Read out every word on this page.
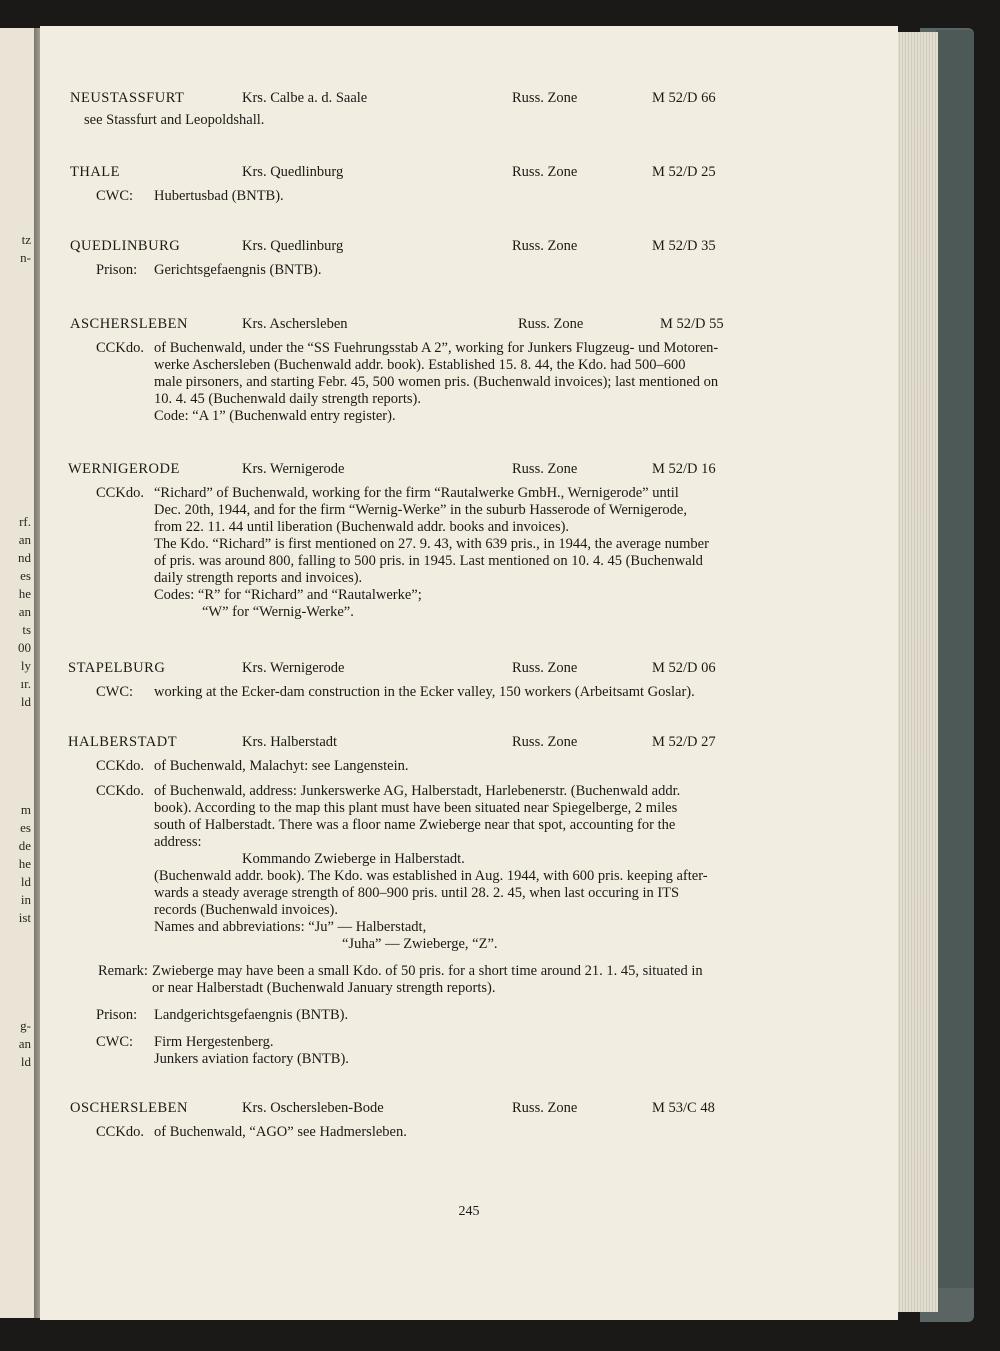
tz
n-
rf.
an
nd
es
he
an
ts
00
ly
ır.
ld
m
es
de
he
ld
in
ist
g-
an
ld
NEUSTASSFURT	Krs. Calbe a. d. Saale	Russ. Zone	M 52/D 66
see Stassfurt and Leopoldshall.
THALE	Krs. Quedlinburg	Russ. Zone	M 52/D 25
CWC: Hubertusbad (BNTB).
QUEDLINBURG	Krs. Quedlinburg	Russ. Zone	M 52/D 35
Prison: Gerichtsgefaengnis (BNTB).
ASCHERSLEBEN	Krs. Aschersleben	Russ. Zone	M 52/D 55
CCKdo. of Buchenwald, under the “SS Fuehrungsstab A 2”, working for Junkers Flugzeug- und Motoren-
werke Aschersleben (Buchenwald addr. book). Established 15. 8. 44, the Kdo. had 500–600
male pirsoners, and starting Febr. 45, 500 women pris. (Buchenwald invoices); last mentioned on
10. 4. 45 (Buchenwald daily strength reports).
Code: “A 1” (Buchenwald entry register).
WERNIGERODE	Krs. Wernigerode	Russ. Zone	M 52/D 16
CCKdo. “Richard” of Buchenwald, working for the firm “Rautalwerke GmbH., Wernigerode” until
Dec. 20th, 1944, and for the firm “Wernig-Werke” in the suburb Hasserode of Wernigerode,
from 22. 11. 44 until liberation (Buchenwald addr. books and invoices).
The Kdo. “Richard” is first mentioned on 27. 9. 43, with 639 pris., in 1944, the average number
of pris. was around 800, falling to 500 pris. in 1945. Last mentioned on 10. 4. 45 (Buchenwald
daily strength reports and invoices).
Codes: “R” for “Richard” and “Rautalwerke”;
“W” for “Wernig-Werke”.
STAPELBURG	Krs. Wernigerode	Russ. Zone	M 52/D 06
CWC: working at the Ecker-dam construction in the Ecker valley, 150 workers (Arbeitsamt Goslar).
HALBERSTADT	Krs. Halberstadt	Russ. Zone	M 52/D 27
CCKdo. of Buchenwald, Malachyt: see Langenstein.
CCKdo. of Buchenwald, address: Junkerswerke AG, Halberstadt, Harlebenerstr. (Buchenwald addr.
book). According to the map this plant must have been situated near Spiegelberge, 2 miles
south of Halberstadt. There was a floor name Zwieberge near that spot, accounting for the
address:
Kommando Zwieberge in Halberstadt.
(Buchenwald addr. book). The Kdo. was established in Aug. 1944, with 600 pris. keeping after-
wards a steady average strength of 800–900 pris. until 28. 2. 45, when last occuring in ITS
records (Buchenwald invoices).
Names and abbreviations: “Ju” — Halberstadt,
“Juha” — Zwieberge, “Z”.
Remark: Zwieberge may have been a small Kdo. of 50 pris. for a short time around 21. 1. 45, situated in
or near Halberstadt (Buchenwald January strength reports).
Prison: Landgerichtsgefaengnis (BNTB).
CWC: Firm Hergestenberg.
Junkers aviation factory (BNTB).
OSCHERSLEBEN	Krs. Oschersleben-Bode	Russ. Zone	M 53/C 48
CCKdo. of Buchenwald, “AGO” see Hadmersleben.
245
